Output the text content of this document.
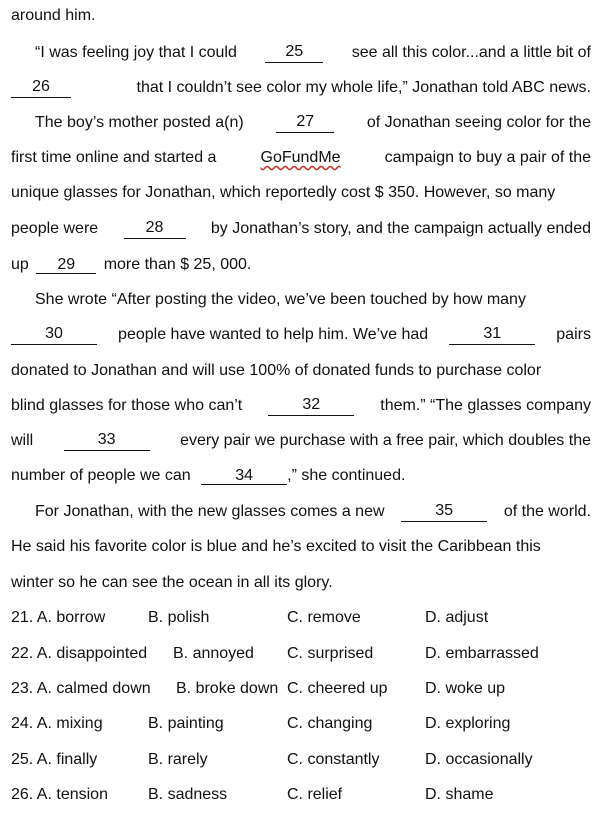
around him.
“I was feeling joy that I could	25	see all this color...and a little bit of
26	that I couldn’t see color my whole life,” Jonathan told ABC news.
The boy’s mother posted a(n)	27	of Jonathan seeing color for the
first time online and started a	GoFundMe	campaign to buy a pair of the
unique glasses for Jonathan, which reportedly cost $ 350. However, so many
people were	28	by Jonathan’s story, and the campaign actually ended
up 29 more than $ 25, 000.
She wrote “After posting the video, we’ve been touched by how many
30	people have wanted to help him. We’ve had	31	pairs
donated to Jonathan and will use 100% of donated funds to purchase color
blind glasses for those who can’t	32	them.” “The glasses company
will	33	every pair we purchase with a free pair, which doubles the
number of people we can	34 ,” she continued.
For Jonathan, with the new glasses comes a new	35	of the world.
He said his favorite color is blue and he’s excited to visit the Caribbean this
winter so he can see the ocean in all its glory.
21. A. borrow	B. polish	C. remove	D. adjust
22. A. disappointed B. annoyed C. surprised	D. embarrassed
23. A. calmed down B. broke down C. cheered up D. woke up
24. A. mixing	B. painting	C. changing	D. exploring
25. A. finally	B. rarely	C. constantly	D. occasionally
26. A. tension	B. sadness	C. relief	D. shame
